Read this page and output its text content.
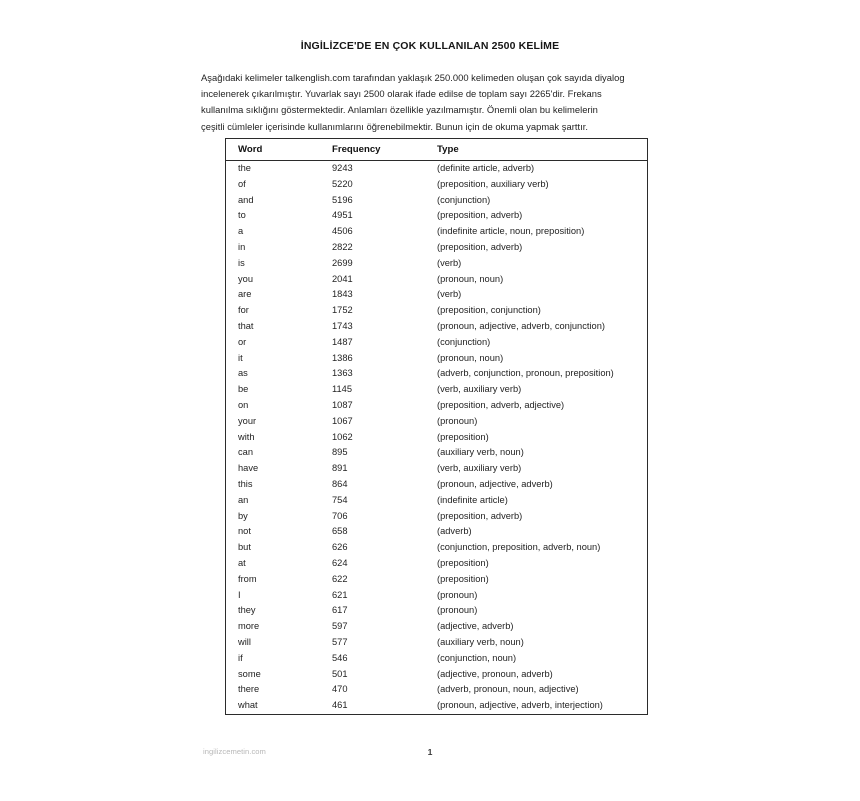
İNGİLİZCE'DE EN ÇOK KULLANILAN 2500 KELİME
Aşağıdaki kelimeler talkenglish.com tarafından yaklaşık 250.000 kelimeden oluşan çok sayıda diyalog
incelenerek çıkarılmıştır. Yuvarlak sayı 2500 olarak ifade edilse de toplam sayı 2265'dir. Frekans
kullanılma sıklığını göstermektedir. Anlamları özellikle yazılmamıştır. Önemli olan bu kelimelerin
çeşitli cümleler içerisinde kullanımlarını öğrenebilmektir. Bunun için de okuma yapmak şarttır.
Word	Frequency	Type
the	9243	(definite article, adverb)
of	5220	(preposition, auxiliary verb)
and	5196	(conjunction)
to	4951	(preposition, adverb)
a	4506	(indefinite article, noun, preposition)
in	2822	(preposition, adverb)
is	2699	(verb)
you	2041	(pronoun, noun)
are	1843	(verb)
for	1752	(preposition, conjunction)
that	1743	(pronoun, adjective, adverb, conjunction)
or	1487	(conjunction)
it	1386	(pronoun, noun)
as	1363	(adverb, conjunction, pronoun, preposition)
be	1145	(verb, auxiliary verb)
on	1087	(preposition, adverb, adjective)
your	1067	(pronoun)
with	1062	(preposition)
can	895	(auxiliary verb, noun)
have	891	(verb, auxiliary verb)
this	864	(pronoun, adjective, adverb)
an	754	(indefinite article)
by	706	(preposition, adverb)
not	658	(adverb)
but	626	(conjunction, preposition, adverb, noun)
at	624	(preposition)
from	622	(preposition)
I	621	(pronoun)
they	617	(pronoun)
more	597	(adjective, adverb)
will	577	(auxiliary verb, noun)
if	546	(conjunction, noun)
some	501	(adjective, pronoun, adverb)
there	470	(adverb, pronoun, noun, adjective)
what	461	(pronoun, adjective, adverb, interjection)
ingilizcemetin.com	1
